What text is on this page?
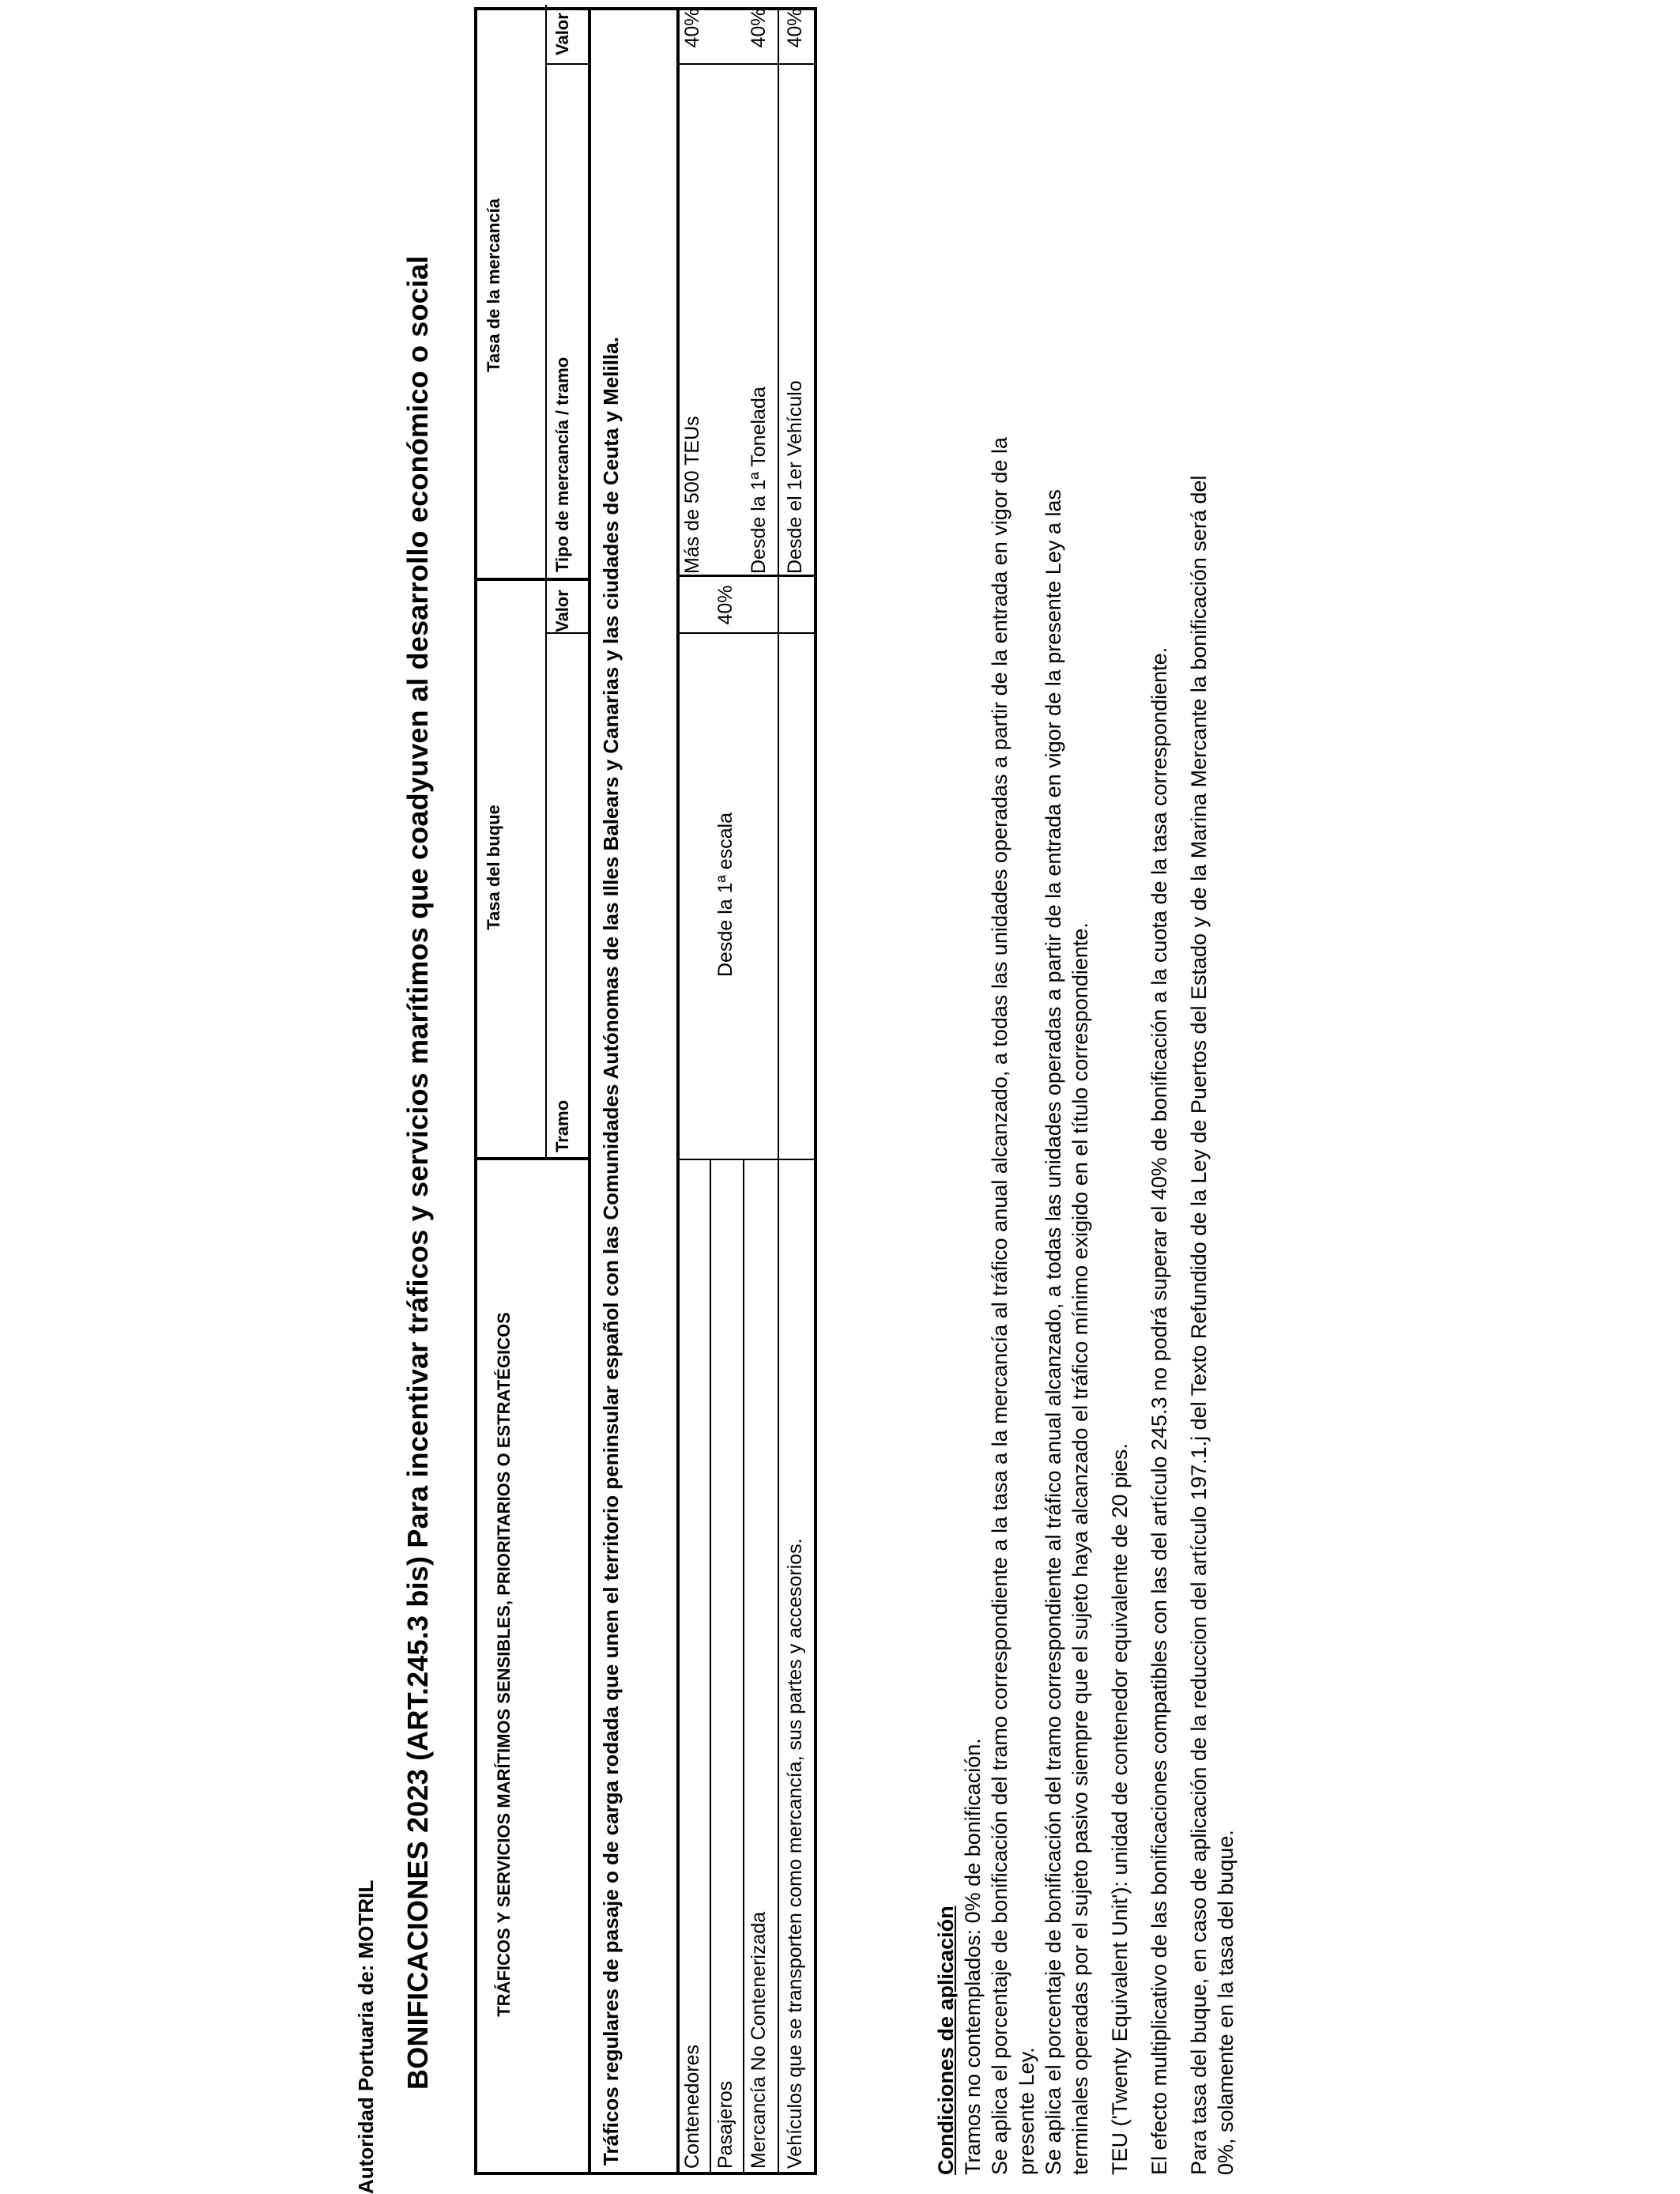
Autoridad Portuaria de: MOTRIL BONIFICACIONES 2023 (ART.245.3 bis) Para incentivar tráficos y servicios marítimos que coadyuven al desarrollo económico o social	TRÁFICOS Y SERVICIOS MARÍTIMOS SENSIBLES, PRIORITARIOS O ESTRATÉGICOS
Tasa del buque
Tasa de la mercancía
Tramo
Valor
Tipo de mercancía / tramo
Valor
Tráficos regulares de pasaje o de carga rodada que unen el territorio peninsular español con las Comunidades Autónomas de las Illes Balears y Canarias y las ciudades de Ceuta y Melilla.	Contenedores Pasajeros Mercancía No Contenerizada Vehículos que se transporten como mercancía, sus partes y accesorios.
Desde la 1ª escala
40%
Más de 500 TEUs
40%
Desde la 1ª Tonelada
40%
Desde el 1er Vehículo
40%

Condiciones de aplicación Tramos no contemplados: 0% de bonificación. Se aplica el porcentaje de bonificación del tramo correspondiente a la tasa a la mercancía al tráfico anual alcanzado, a todas las unidades operadas a partir de la entrada en vigor de la presente Ley. Se aplica el porcentaje de bonificación del tramo correspondiente al tráfico anual alcanzado, a todas las unidades operadas a partir de la entrada en vigor de la presente Ley a las terminales operadas por el sujeto pasivo siempre que el sujeto haya alcanzado el tráfico mínimo exigido en el título correspondiente. TEU ('Twenty Equivalent Unit'): unidad de contenedor equivalente de 20 pies. El efecto multiplicativo de las bonificaciones compatibles con las del artículo 245.3 no podrá superar el 40% de bonificación a la cuota de la tasa correspondiente. Para tasa del buque, en caso de aplicación de la reduccion del artículo 197.1.j del Texto Refundido de la Ley de Puertos del Estado y de la Marina Mercante la bonificación será del 0%, solamente en la tasa del buque.
